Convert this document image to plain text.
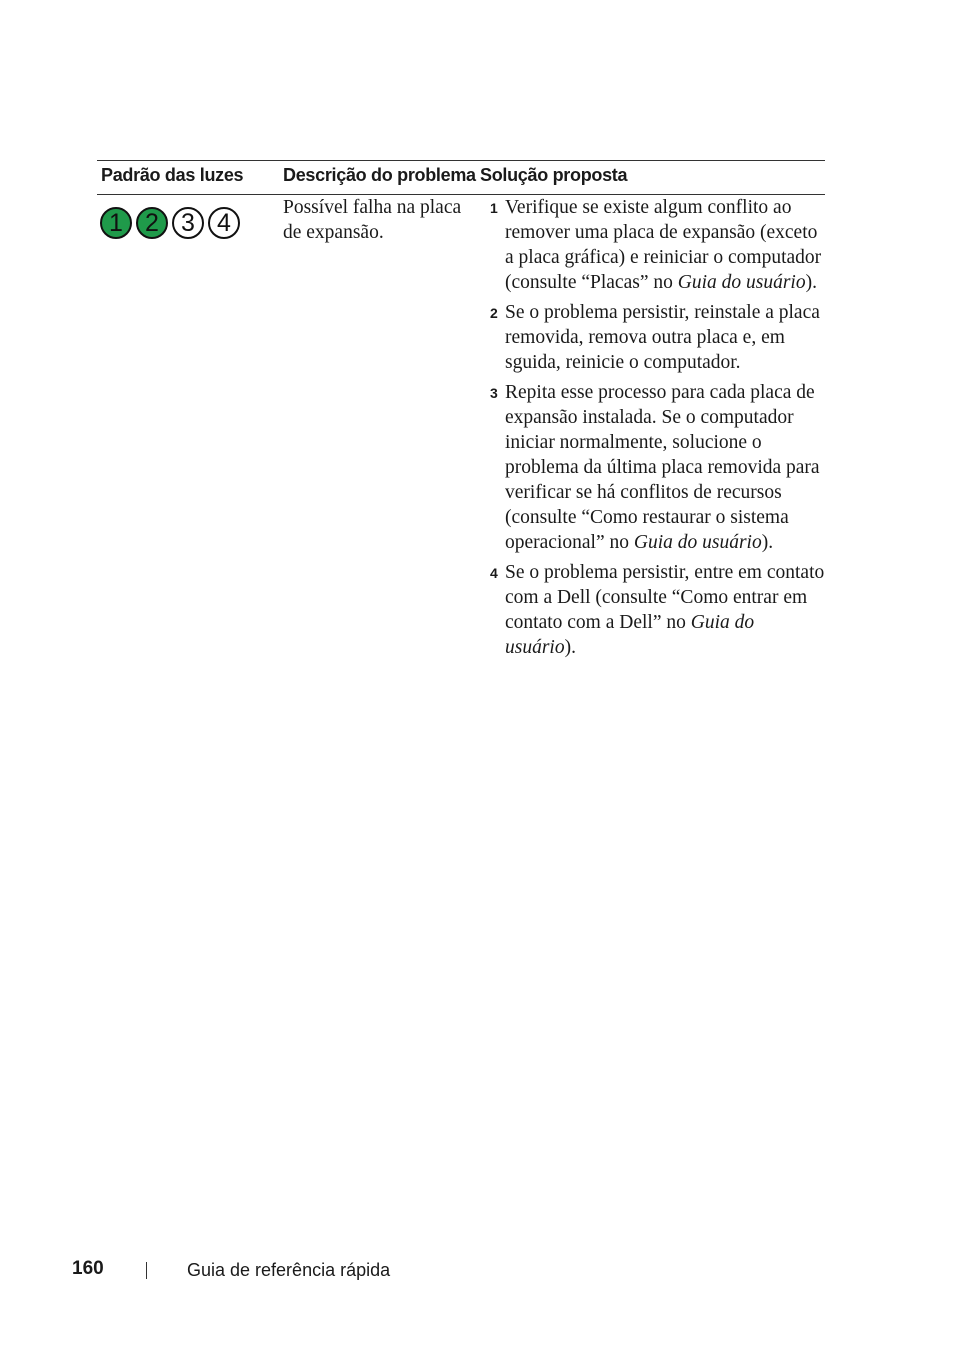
Padrão das luzes Descrição do problema Solução proposta
1 2 3 4
Possível falha na placa de expansão.
1 Verifique se existe algum conflito ao remover uma placa de expansão (exceto a placa gráfica) e reiniciar o computador (consulte “Placas” no Guia do usuário).
2 Se o problema persistir, reinstale a placa removida, remova outra placa e, em sguida, reinicie o computador.
3 Repita esse processo para cada placa de expansão instalada. Se o computador iniciar normalmente, solucione o problema da última placa removida para verificar se há conflitos de recursos (consulte “Como restaurar o sistema operacional” no Guia do usuário).
4 Se o problema persistir, entre em contato com a Dell (consulte “Como entrar em contato com a Dell” no Guia do usuário).
160	Guia de referência rápida
